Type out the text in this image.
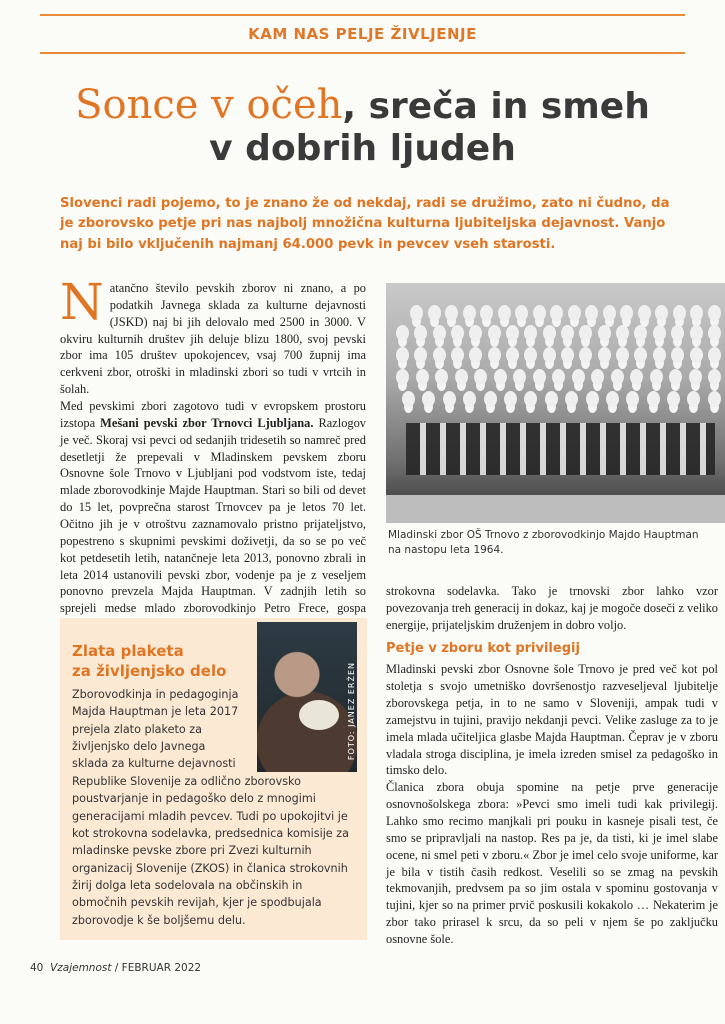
KAM NAS PELJE ŽIVLJENJE
Sonce v očeh, sreča in smeh
v dobrih ljudeh
Slovenci radi pojemo, to je znano že od nekdaj, radi se družimo, zato ni čudno, da je zborovsko petje pri nas najbolj množična kulturna ljubiteljska dejavnost. Vanjo naj bi bilo vključenih najmanj 64.000 pevk in pevcev vseh starosti.

Natančno število pevskih zborov ni znano, a po podatkih Javnega sklada za kulturne dejavnosti (JSKD) naj bi jih delovalo med 2500 in 3000. V okviru kulturnih društev jih deluje blizu 1800, svoj pevski zbor ima 105 društev upokojencev, vsaj 700 župnij ima cerkveni zbor, otroški in mladinski zbori so tudi v vrtcih in šolah.

Med pevskimi zbori zagotovo tudi v evropskem prostoru izstopa Mešani pevski zbor Trnovci Ljubljana. Razlogov je več. Skoraj vsi pevci od sedanjih tridesetih so namreč pred desetletji že prepevali v Mladinskem pevskem zboru Osnovne šole Trnovo v Ljubljani pod vodstvom iste, tedaj mlade zborovodkinje Majde Hauptman. Stari so bili od devet do 15 let, povprečna starost Trnovcev pa je letos 70 let. Očitno jih je v otroštvu zaznamovalo pristno prijateljstvo, popestreno s skupnimi pevskimi doživetji, da so se po več kot petdesetih letih, natančneje leta 2013, ponovno zbrali in leta 2014 ustanovili pevski zbor, vodenje pa je z veseljem ponovno prevzela Majda Hauptman. V zadnjih letih so sprejeli medse mlado zborovodkinjo Petro Frece, gospa

Mladinski zbor OŠ Trnovo z zborovodkinjo Majdo Hauptman na nastopu leta 1964.

strokovna sodelavka. Tako je trnovski zbor lahko vzor povezovanja treh generacij in dokaz, kaj je mogoče doseči z veliko energije, prijateljskim druženjem in dobro voljo.

Petje v zboru kot privilegij

Mladinski pevski zbor Osnovne šole Trnovo je pred več kot pol stoletja s svojo umetniško dovršenostjo razveseljeval ljubitelje zborovskega petja, in to ne samo v Sloveniji, ampak tudi v zamejstvu in tujini, pravijo nekdanji pevci. Velike zasluge za to je imela mlada učiteljica glasbe Majda Hauptman. Čeprav je v zboru vladala stroga disciplina, je imela izreden smisel za pedagoško in timsko delo.

Članica zbora obuja spomine na petje prve generacije osnovnošolskega zbora: »Pevci smo imeli tudi kak privilegij. Lahko smo recimo manjkali pri pouku in kasneje pisali test, če smo se pripravljali na nastop. Res pa je, da tisti, ki je imel slabe ocene, ni smel peti v zboru.« Zbor je imel celo svoje uniforme, kar je bila v tistih časih redkost. Veselili so se zmag na pevskih tekmovanjih, predvsem pa so jim ostala v spominu gostovanja v tujini, kjer so na primer prvič poskusili kokakolo … Nekaterim je zbor tako prirasel k srcu, da so peli v njem še po zaključku osnovne šole.

FOTO: JANEZ ERŽEN
Zlata plaketa
za življenjsko delo
Zborovodkinja in pedagoginja Majda Hauptman je leta 2017 prejela zlato plaketo za življenjsko delo Javnega sklada za kulturne dejavnosti
Republike Slovenije za odlično zborovsko poustvarjanje in pedagoško delo z mnogimi generacijami mladih pevcev. Tudi po upokojitvi je kot strokovna sodelavka, predsednica komisije za mladinske pevske zbore pri Zvezi kulturnih organizacij Slovenije (ZKOS) in članica strokovnih žirij dolga leta sodelovala na občinskih in območnih pevskih revijah, kjer je spodbujala zborovodje k še boljšemu delu.
40 Vzajemnost / FEBRUAR 2022
